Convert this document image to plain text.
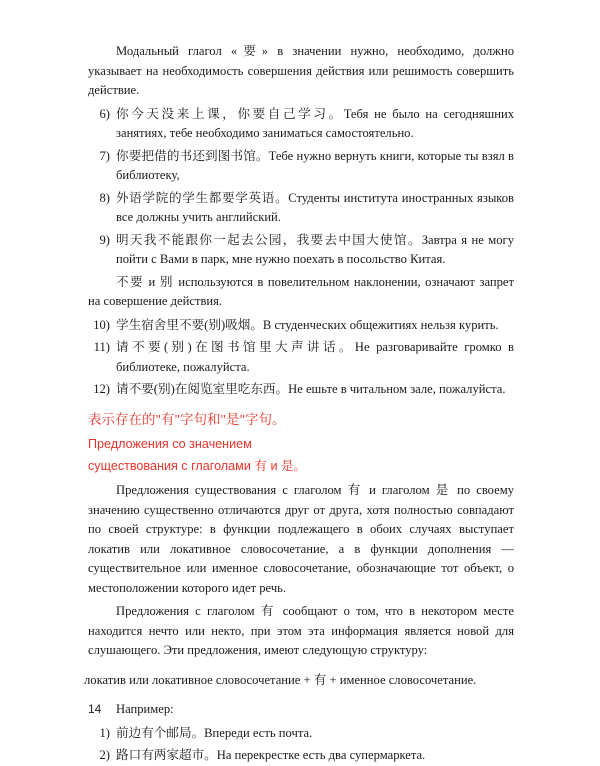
Модальный глагол «要» в значении нужно, необходимо, должно указывает на необходимость совершения действия или решимость совершить действие.

6) 你今天没来上课，你要自己学习。Тебя не было на сегодняшних занятиях, тебе необходимо заниматься самостоятельно.
7) 你要把借的书还到图书馆。Тебе нужно вернуть книги, которые ты взял в библиотеку,
8) 外语学院的学生都要学英语。Студенты института иностранных языков все должны учить английский.
9) 明天我不能跟你一起去公园，我要去中国大使馆。Завтра я не могу пойти с Вами в парк, мне нужно поехать в посольство Китая.

不要 и 别 используются в повелительном наклонении, означают запрет на совершение действия.

10) 学生宿舍里不要(别)吸烟。В студенческих общежитиях нельзя курить.
11) 请不要(别)在图书馆里大声讲话。Не разговаривайте громко в библиотеке, пожалуйста.
12) 请不要(别)在阅览室里吃东西。Не ешьте в читальном зале, пожалуйста.

表示存在的"有"字句和"是"字句。

Предложения со значением

существования с глаголами 有 и 是。

Предложения существования с глаголом 有 и глаголом 是 по своему значению существенно отличаются друг от друга, хотя полностью совпадают по своей структуре: в функции подлежащего в обоих случаях выступает локатив или локативное словосочетание, а в функции дополнения — существительное или именное словосочетание, обозначающие тот объект, о местоположении которого идет речь.

Предложения с глаголом 有 сообщают о том, что в некотором месте находится нечто или некто, при этом эта информация является новой для слушающего. Эти предложения, имеют следующую структуру:

локатив или локативное словосочетание + 有 + именное словосочетание.

Например:

1) 前边有个邮局。Впереди есть почта.
2) 路口有两家超市。На перекрестке есть два супермаркета.
14
